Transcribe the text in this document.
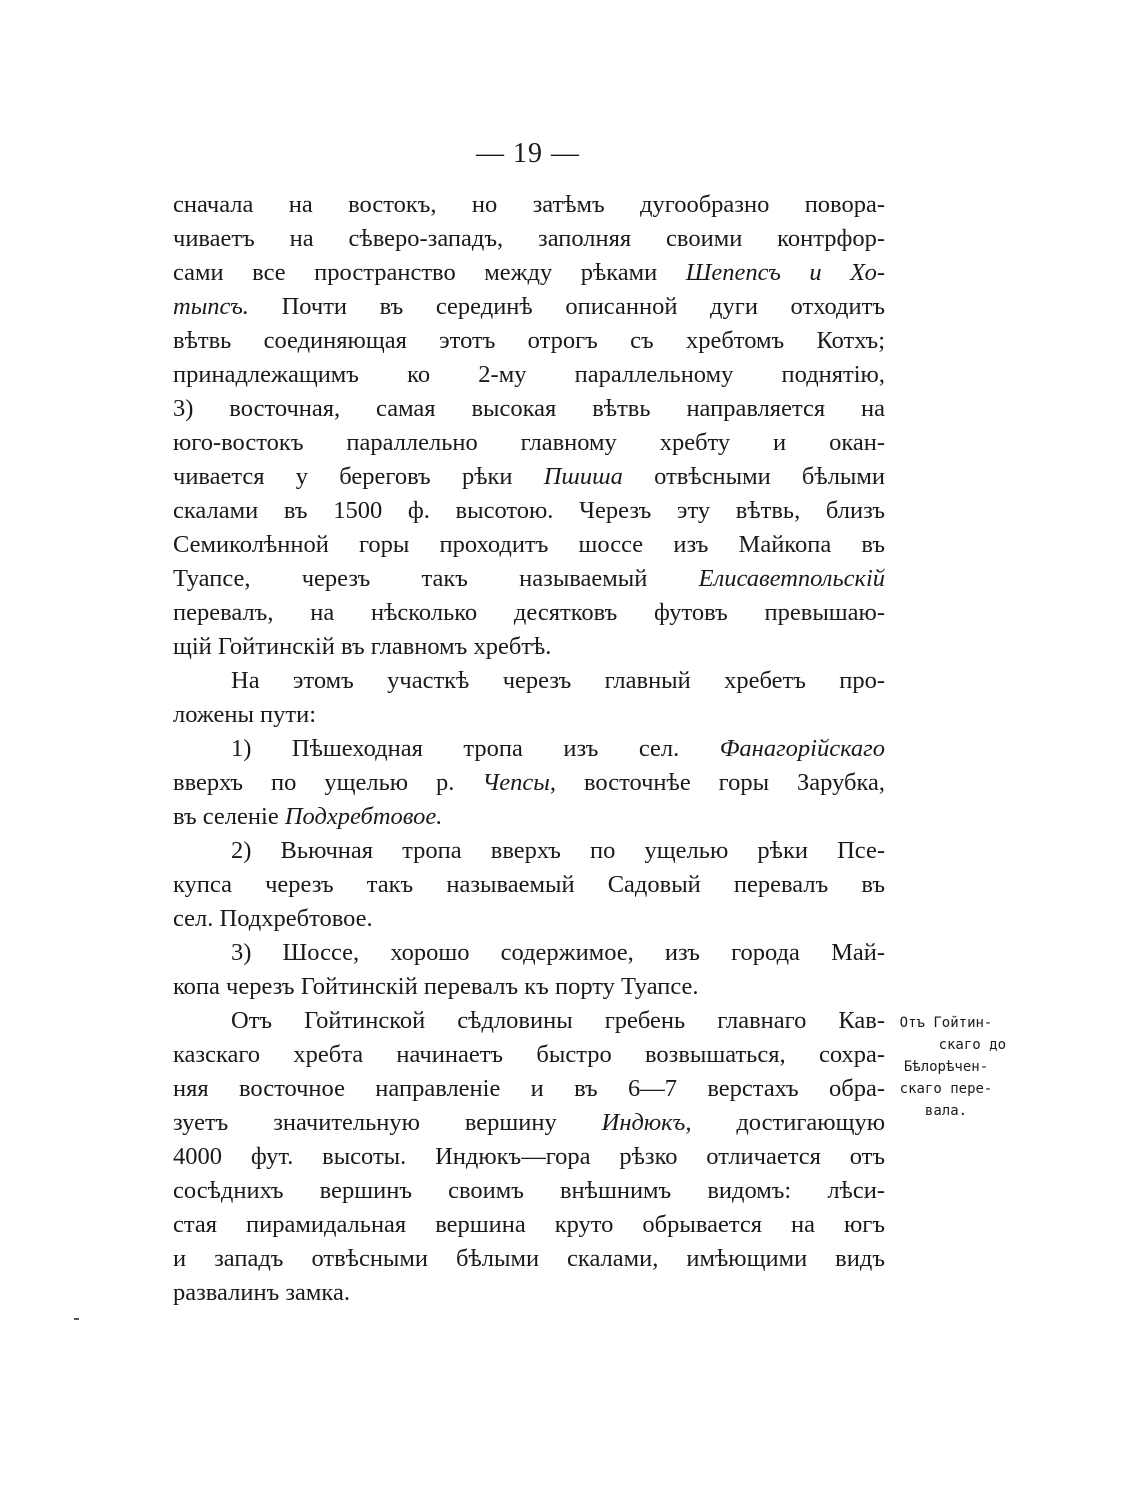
— 19 —
сначала на востокъ, но затѣмъ дугообразно повора-
чиваетъ на сѣверо-западъ, заполняя своими контрфор-
сами все пространство между рѣками Шепепсъ и Хо-
тыпсъ. Почти въ серединѣ описанной дуги отходитъ
вѣтвь соединяющая этотъ отрогъ съ хребтомъ Котхъ;
принадлежащимъ ко 2-му параллельному поднятію,
3) восточная, самая высокая вѣтвь направляется на
юго-востокъ параллельно главному хребту и окан-
чивается у береговъ рѣки Пшиша отвѣсными бѣлыми
скалами въ 1500 ф. высотою. Черезъ эту вѣтвь, близъ
Семиколѣнной горы проходитъ шоссе изъ Майкопа въ
Туапсе, черезъ такъ называемый Елисаветпольскій
перевалъ, на нѣсколько десятковъ футовъ превышаю-
щій Гойтинскій въ главномъ хребтѣ.
На этомъ участкѣ черезъ главный хребетъ про-
ложены пути:
1) Пѣшеходная тропа изъ сел. Фанагорійскаго
вверхъ по ущелью р. Чепсы, восточнѣе горы Зарубка,
въ селеніе Подхребтовое.
2) Вьючная тропа вверхъ по ущелью рѣки Псе-
купса черезъ такъ называемый Садовый перевалъ въ
сел. Подхребтовое.
3) Шоссе, хорошо содержимое, изъ города Май-
копа черезъ Гойтинскій перевалъ къ порту Туапсе.
Отъ Гойтинской сѣдловины гребень главнаго Кав-
казскаго хребта начинаетъ быстро возвышаться, сохра-
няя восточное направленіе и въ 6—7 верстахъ обра-
зуетъ значительную вершину Индюкъ, достигающую
4000 фут. высоты. Индюкъ—гора рѣзко отличается отъ
сосѣднихъ вершинъ своимъ внѣшнимъ видомъ: лѣси-
стая пирамидальная вершина круто обрывается на югъ
и западъ отвѣсными бѣлыми скалами, имѣющими видъ
развалинъ замка.
Отъ Гойтин-
скаго до
Бѣлорѣчен-
скаго пере-
вала.
